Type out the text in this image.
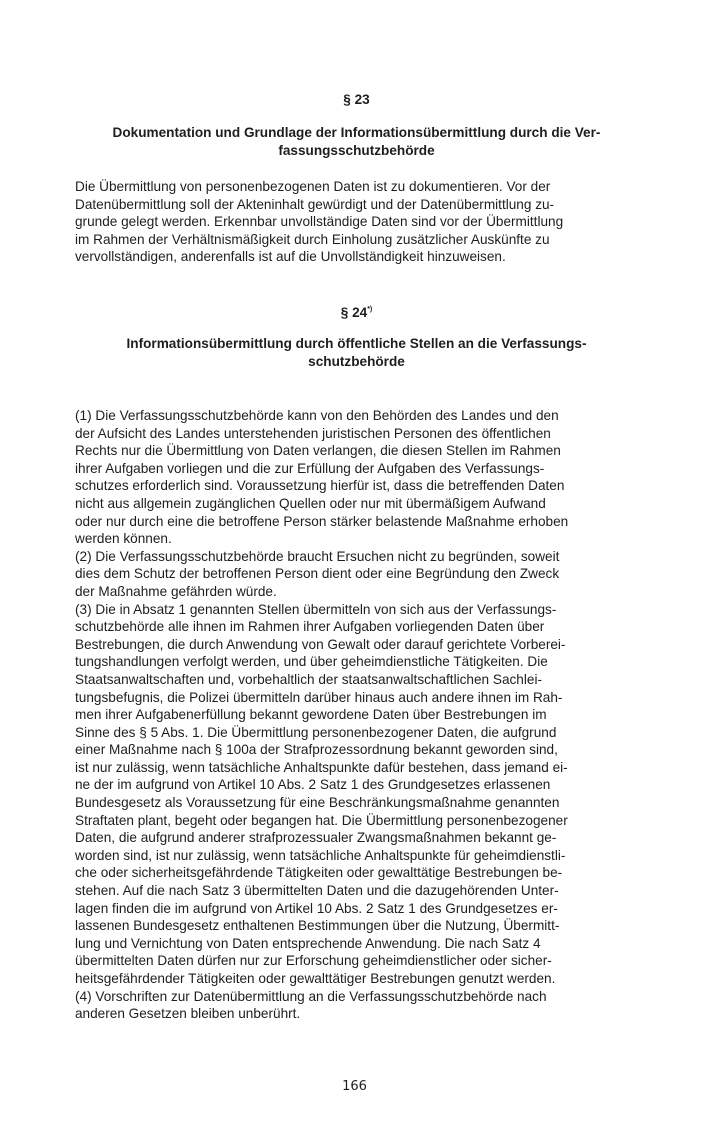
§ 23
Dokumentation und Grundlage der Informationsübermittlung durch die Ver-
fassungsschutzbehörde
Die Übermittlung von personenbezogenen Daten ist zu dokumentieren. Vor der
Datenübermittlung soll der Akteninhalt gewürdigt und der Datenübermittlung zu-
grunde gelegt werden. Erkennbar unvollständige Daten sind vor der Übermittlung
im Rahmen der Verhältnismäßigkeit durch Einholung zusätzlicher Auskünfte zu
vervollständigen, anderenfalls ist auf die Unvollständigkeit hinzuweisen.
§ 24*)
Informationsübermittlung durch öffentliche Stellen an die Verfassungs-
schutzbehörde
(1) Die Verfassungsschutzbehörde kann von den Behörden des Landes und den
der Aufsicht des Landes unterstehenden juristischen Personen des öffentlichen
Rechts nur die Übermittlung von Daten verlangen, die diesen Stellen im Rahmen
ihrer Aufgaben vorliegen und die zur Erfüllung der Aufgaben des Verfassungs-
schutzes erforderlich sind. Voraussetzung hierfür ist, dass die betreffenden Daten
nicht aus allgemein zugänglichen Quellen oder nur mit übermäßigem Aufwand
oder nur durch eine die betroffene Person stärker belastende Maßnahme erhoben
werden können.
(2) Die Verfassungsschutzbehörde braucht Ersuchen nicht zu begründen, soweit
dies dem Schutz der betroffenen Person dient oder eine Begründung den Zweck
der Maßnahme gefährden würde.
(3) Die in Absatz 1 genannten Stellen übermitteln von sich aus der Verfassungs-
schutzbehörde alle ihnen im Rahmen ihrer Aufgaben vorliegenden Daten über
Bestrebungen, die durch Anwendung von Gewalt oder darauf gerichtete Vorberei-
tungshandlungen verfolgt werden, und über geheimdienstliche Tätigkeiten. Die
Staatsanwaltschaften und, vorbehaltlich der staatsanwaltschaftlichen Sachlei-
tungsbefugnis, die Polizei übermitteln darüber hinaus auch andere ihnen im Rah-
men ihrer Aufgabenerfüllung bekannt gewordene Daten über Bestrebungen im
Sinne des § 5 Abs. 1. Die Übermittlung personenbezogener Daten, die aufgrund
einer Maßnahme nach § 100a der Strafprozessordnung bekannt geworden sind,
ist nur zulässig, wenn tatsächliche Anhaltspunkte dafür bestehen, dass jemand ei-
ne der im aufgrund von Artikel 10 Abs. 2 Satz 1 des Grundgesetzes erlassenen
Bundesgesetz als Voraussetzung für eine Beschränkungsmaßnahme genannten
Straftaten plant, begeht oder begangen hat. Die Übermittlung personenbezogener
Daten, die aufgrund anderer strafprozessualer Zwangsmaßnahmen bekannt ge-
worden sind, ist nur zulässig, wenn tatsächliche Anhaltspunkte für geheimdienstli-
che oder sicherheitsgefährdende Tätigkeiten oder gewalttätige Bestrebungen be-
stehen. Auf die nach Satz 3 übermittelten Daten und die dazugehörenden Unter-
lagen finden die im aufgrund von Artikel 10 Abs. 2 Satz 1 des Grundgesetzes er-
lassenen Bundesgesetz enthaltenen Bestimmungen über die Nutzung, Übermitt-
lung und Vernichtung von Daten entsprechende Anwendung. Die nach Satz 4
übermittelten Daten dürfen nur zur Erforschung geheimdienstlicher oder sicher-
heitsgefährdender Tätigkeiten oder gewalttätiger Bestrebungen genutzt werden.
(4) Vorschriften zur Datenübermittlung an die Verfassungsschutzbehörde nach
anderen Gesetzen bleiben unberührt.
166
